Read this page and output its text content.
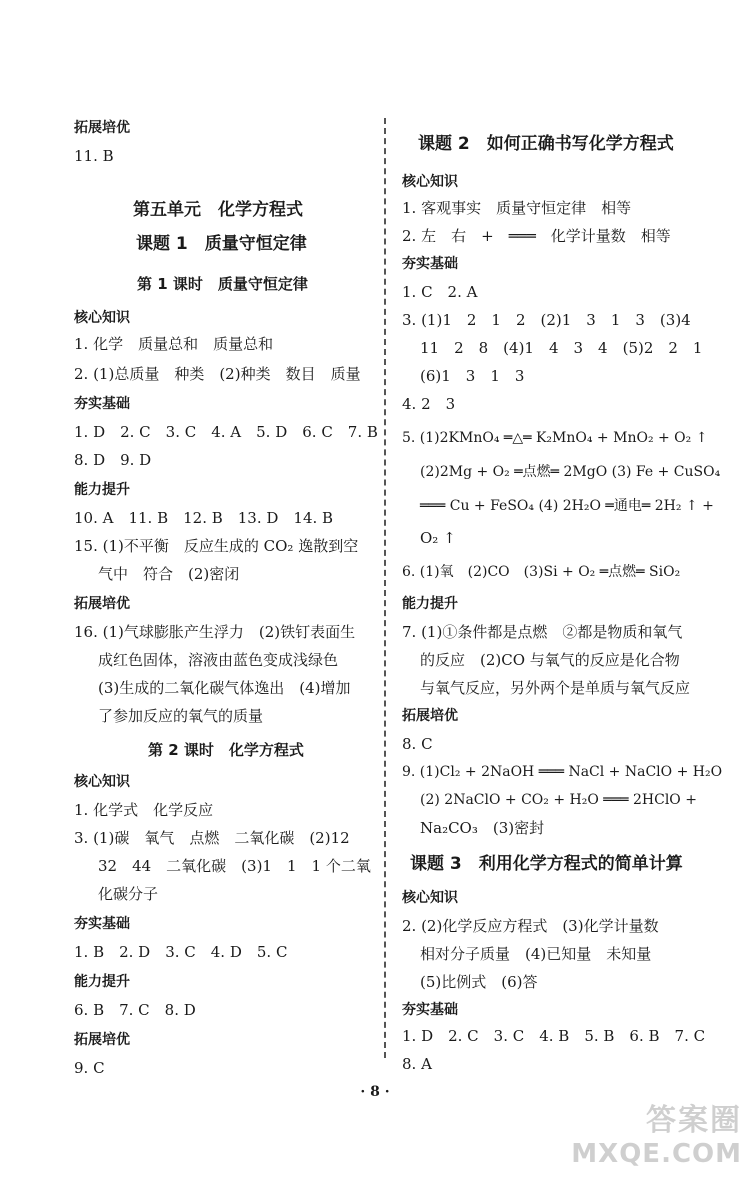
拓展培优
11. B
第五单元　化学方程式
课题 1　质量守恒定律
第 1 课时　质量守恒定律
核心知识
1. 化学　质量总和　质量总和
2. (1)总质量　种类　(2)种类　数目　质量
夯实基础
1. D　2. C　3. C　4. A　5. D　6. C　7. B
8. D　9. D
能力提升
10. A　11. B　12. B　13. D　14. B
15. (1)不平衡　反应生成的 CO₂ 逸散到空
气中　符合　(2)密闭
拓展培优
16. (1)气球膨胀产生浮力　(2)铁钉表面生
成红色固体，溶液由蓝色变成浅绿色
(3)生成的二氧化碳气体逸出　(4)增加
了参加反应的氧气的质量
第 2 课时　化学方程式
核心知识
1. 化学式　化学反应
3. (1)碳　氧气　点燃　二氧化碳　(2)12
32　44　二氧化碳　(3)1　1　1 个二氧
化碳分子
夯实基础
1. B　2. D　3. C　4. D　5. C
能力提升
6. B　7. C　8. D
拓展培优
9. C
课题 2　如何正确书写化学方程式
核心知识
1. 客观事实　质量守恒定律　相等
2. 左　右　+　═══　化学计量数　相等
夯实基础
1. C　2. A
3. (1)1　2　1　2　(2)1　3　1　3　(3)4
11　2　8　(4)1　4　3　4　(5)2　2　1
(6)1　3　1　3
4. 2　3
5. (1)2KMnO₄ ═△═ K₂MnO₄ + MnO₂ + O₂ ↑
(2)2Mg + O₂ ═点燃═ 2MgO (3) Fe + CuSO₄
═══ Cu + FeSO₄ (4) 2H₂O ═通电═ 2H₂ ↑ +
O₂ ↑
6. (1)氧　(2)CO　(3)Si + O₂ ═点燃═ SiO₂
能力提升
7. (1)①条件都是点燃　②都是物质和氧气
的反应　(2)CO 与氧气的反应是化合物
与氧气反应，另外两个是单质与氧气反应
拓展培优
8. C
9. (1)Cl₂ + 2NaOH ═══ NaCl + NaClO + H₂O
(2) 2NaClO + CO₂ + H₂O ═══ 2HClO +
Na₂CO₃　(3)密封
课题 3　利用化学方程式的简单计算
核心知识
2. (2)化学反应方程式　(3)化学计量数
相对分子质量　(4)已知量　未知量
(5)比例式　(6)答
夯实基础
1. D　2. C　3. C　4. B　5. B　6. B　7. C
8. A
· 8 ·
答案圈
MXQE.COM
